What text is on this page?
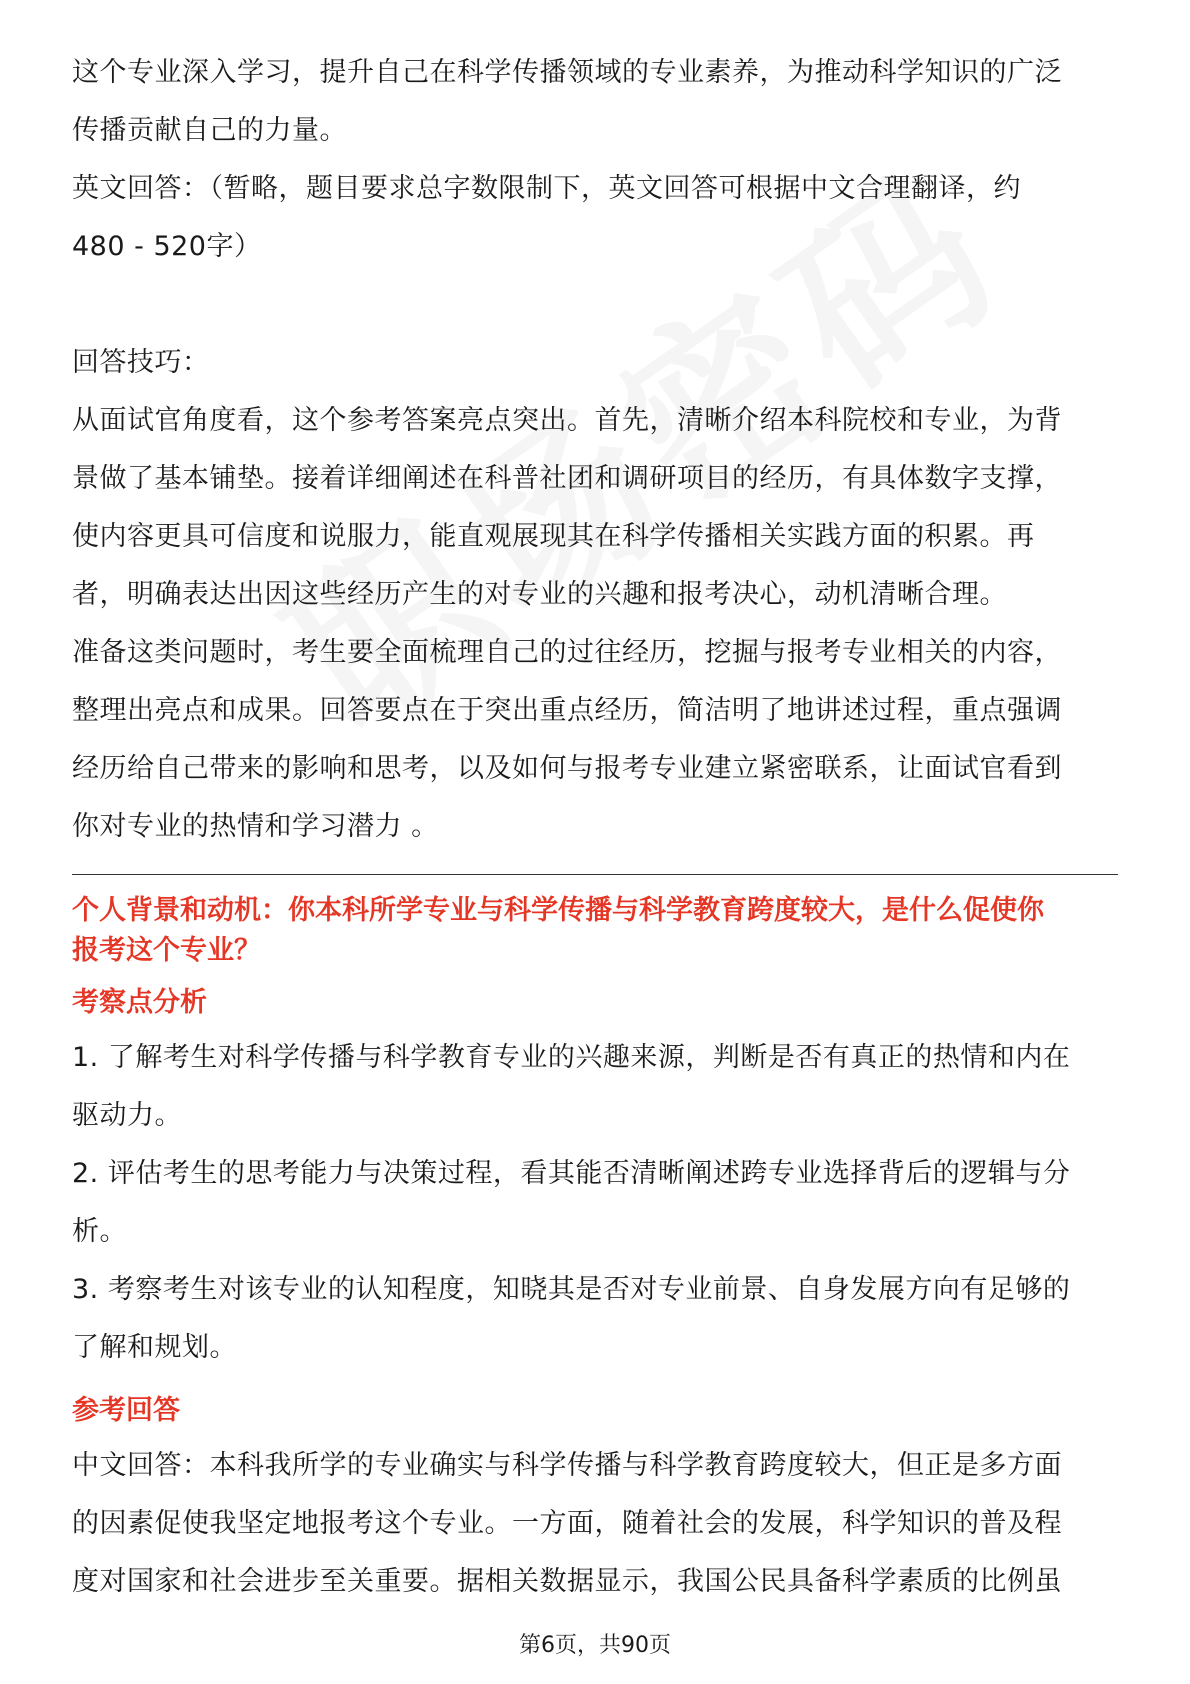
这个专业深入学习，提升自己在科学传播领域的专业素养，为推动科学知识的广泛

传播贡献自己的力量。

英文回答：（暂略，题目要求总字数限制下，英文回答可根据中文合理翻译，约

480 - 520字）

回答技巧：

从面试官角度看，这个参考答案亮点突出。首先，清晰介绍本科院校和专业，为背

景做了基本铺垫。接着详细阐述在科普社团和调研项目的经历，有具体数字支撑，

使内容更具可信度和说服力，能直观展现其在科学传播相关实践方面的积累。再

者，明确表达出因这些经历产生的对专业的兴趣和报考决心，动机清晰合理。

准备这类问题时，考生要全面梳理自己的过往经历，挖掘与报考专业相关的内容，

整理出亮点和成果。回答要点在于突出重点经历，简洁明了地讲述过程，重点强调

经历给自己带来的影响和思考，以及如何与报考专业建立紧密联系，让面试官看到

你对专业的热情和学习潜力 。

个人背景和动机：你本科所学专业与科学传播与科学教育跨度较大，是什么促使你
报考这个专业？

考察点分析

1. 了解考生对科学传播与科学教育专业的兴趣来源，判断是否有真正的热情和内在

驱动力。

2. 评估考生的思考能力与决策过程，看其能否清晰阐述跨专业选择背后的逻辑与分

析。

3. 考察考生对该专业的认知程度，知晓其是否对专业前景、自身发展方向有足够的

了解和规划。

参考回答

中文回答：本科我所学的专业确实与科学传播与科学教育跨度较大，但正是多方面

的因素促使我坚定地报考这个专业。一方面，随着社会的发展，科学知识的普及程

度对国家和社会进步至关重要。据相关数据显示，我国公民具备科学素质的比例虽

第6页，共90页
